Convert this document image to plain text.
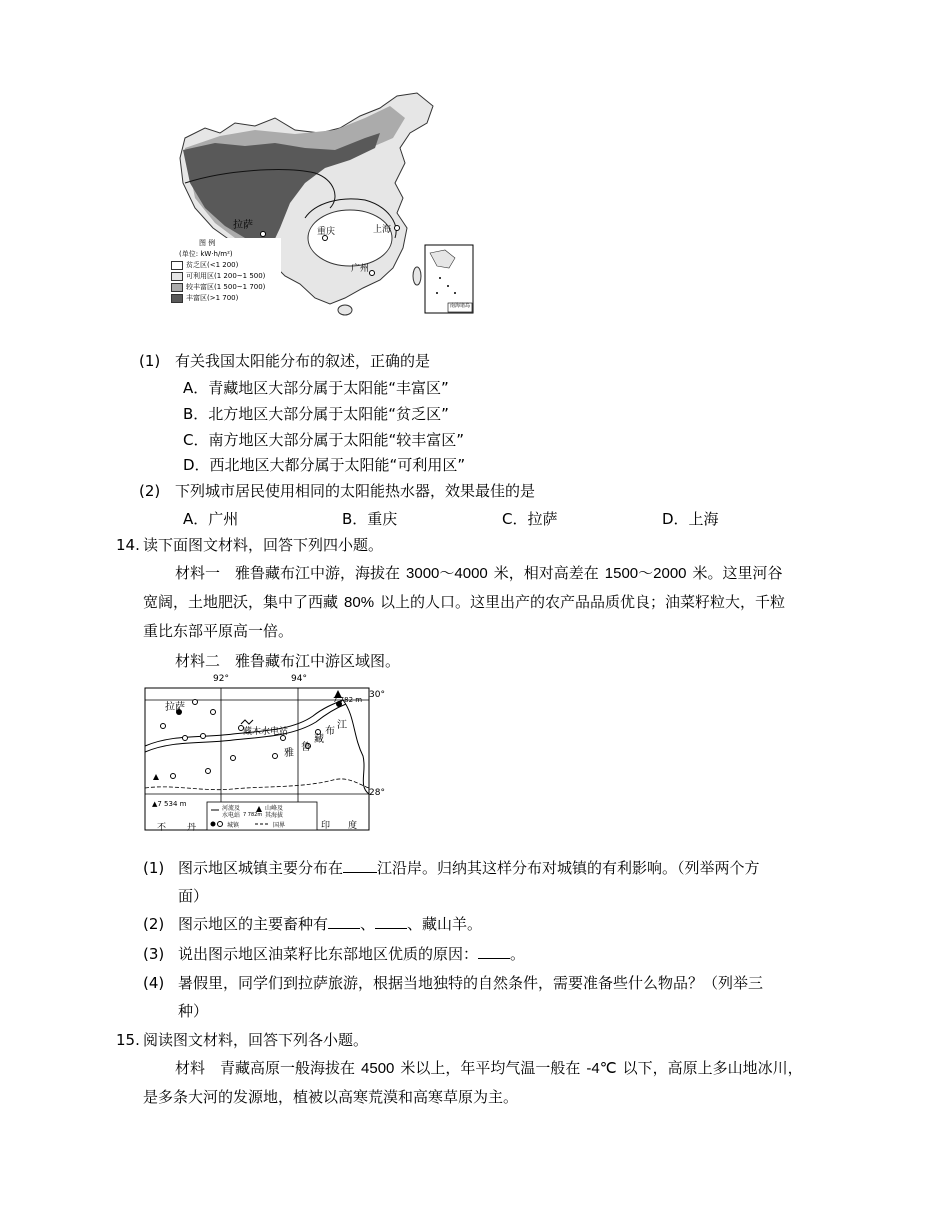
拉萨
重庆	上海
广州
南海诸岛
图 例
(单位: kW·h/m²)
贫乏区(<1 200)
可利用区(1 200~1 500)
较丰富区(1 500~1 700)
丰富区(>1 700)
(1) 有关我国太阳能分布的叙述，正确的是
A．青藏地区大部分属于太阳能“丰富区”
B．北方地区大部分属于太阳能“贫乏区”
C．南方地区大部分属于太阳能“较丰富区”
D．西北地区大都分属于太阳能“可利用区”
(2) 下列城市居民使用相同的太阳能热水器，效果最佳的是
A．广州	B．重庆	C．拉萨	D．上海
14. 读下面图文材料，回答下列四小题。
材料一　雅鲁藏布江中游，海拔在 3000～4000 米，相对高差在 1500～2000 米。这里河谷
宽阔，土地肥沃，集中了西藏 80% 以上的人口。这里出产的农产品品质优良；油菜籽粒大，千粒
重比东部平原高一倍。
材料二　雅鲁藏布江中游区域图。
92°	94°
30°
28°
拉萨
藏木水电站
7 782 m
▲7 534 m
雅
鲁
藏
布
江
河流及
水电站
山峰及
其海拔
7 782m
城镇	国界
不 丹	印 度
(1) 图示地区城镇主要分布在 江沿岸。归纳其这样分布对城镇的有利影响。（列举两个方
面）
(2) 图示地区的主要畜种有 、 、藏山羊。
(3) 说出图示地区油菜籽比东部地区优质的原因： 。
(4) 暑假里，同学们到拉萨旅游，根据当地独特的自然条件，需要准备些什么物品？（列举三
种）
15. 阅读图文材料，回答下列各小题。
材料　青藏高原一般海拔在 4500 米以上，年平均气温一般在 -4℃ 以下，高原上多山地冰川，
是多条大河的发源地，植被以高寒荒漠和高寒草原为主。
